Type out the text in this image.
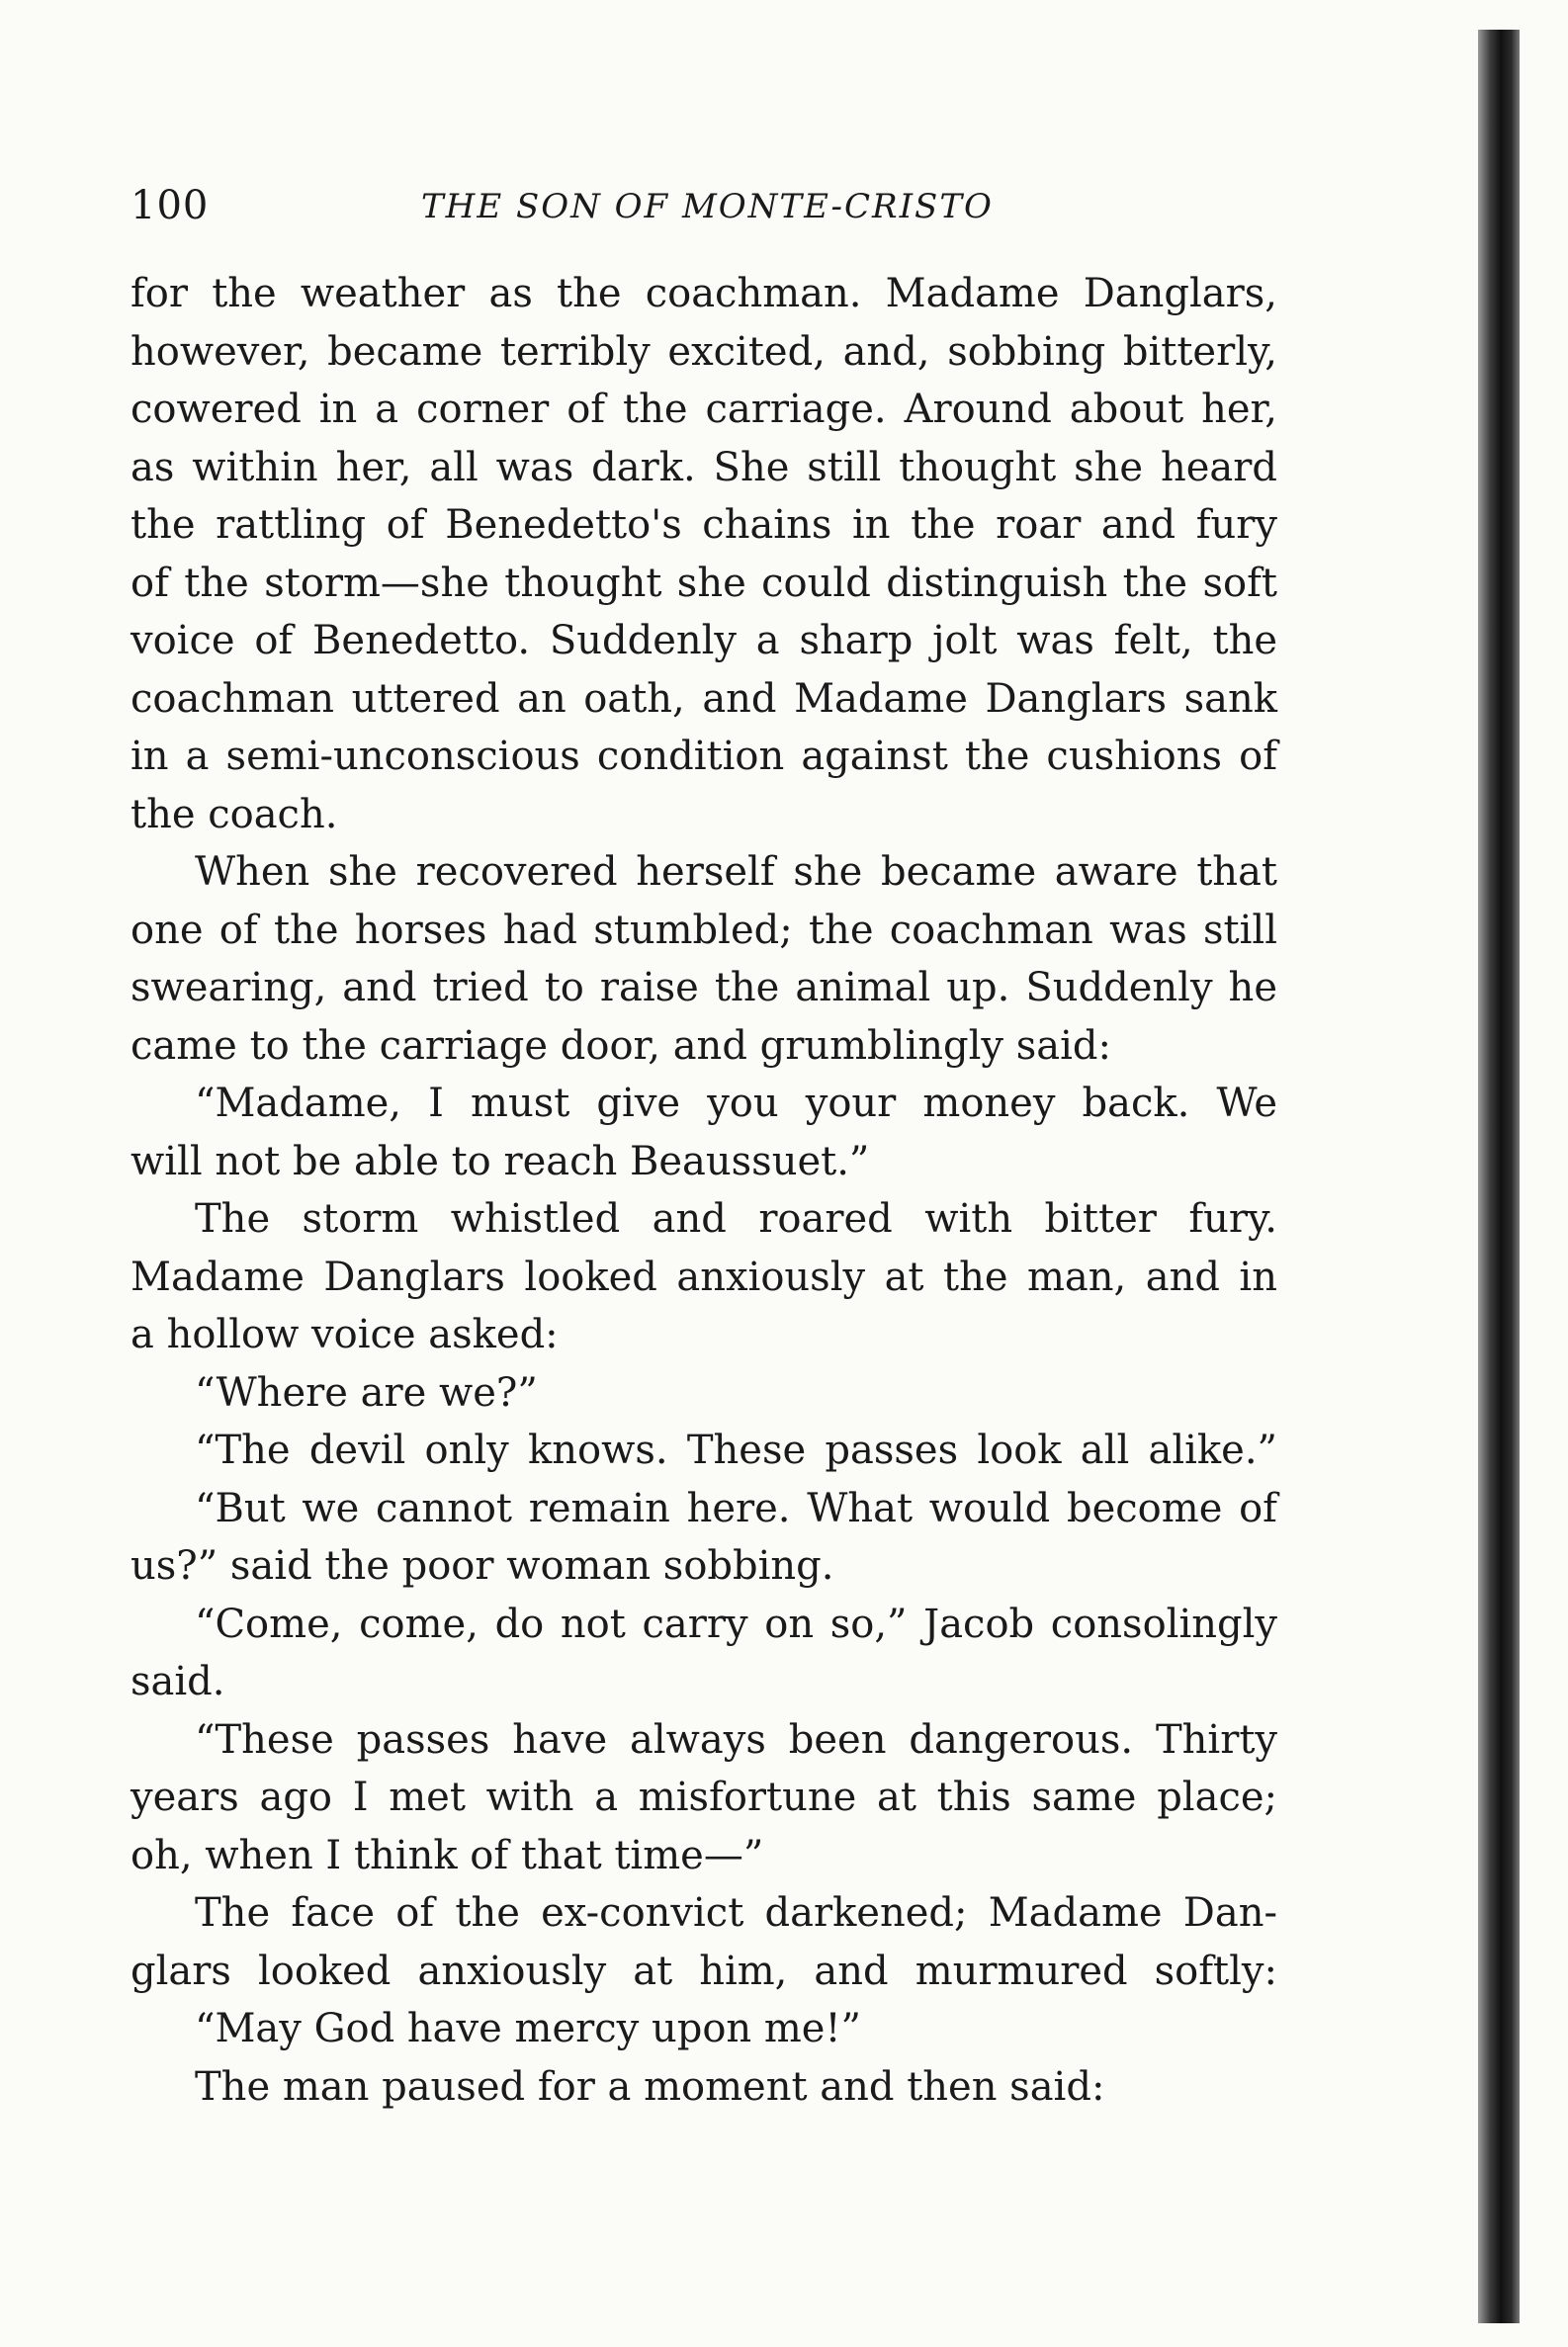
100	THE SON OF MONTE-CRISTO
for the weather as the coachman. Madame Danglars,
however, became terribly excited, and, sobbing bitterly,
cowered in a corner of the carriage. Around about her,
as within her, all was dark. She still thought she heard
the rattling of Benedetto's chains in the roar and fury
of the storm—she thought she could distinguish the soft
voice of Benedetto. Suddenly a sharp jolt was felt, the
coachman uttered an oath, and Madame Danglars sank
in a semi-unconscious condition against the cushions of
the coach.
When she recovered herself she became aware that
one of the horses had stumbled; the coachman was still
swearing, and tried to raise the animal up. Suddenly he
came to the carriage door, and grumblingly said:
“Madame, I must give you your money back. We
will not be able to reach Beaussuet.”
The storm whistled and roared with bitter fury.
Madame Danglars looked anxiously at the man, and in
a hollow voice asked:
“Where are we?”
“The devil only knows. These passes look all alike.”
“But we cannot remain here. What would become of
us?” said the poor woman sobbing.
“Come, come, do not carry on so,” Jacob consolingly
said.
“These passes have always been dangerous. Thirty
years ago I met with a misfortune at this same place;
oh, when I think of that time—”
The face of the ex-convict darkened; Madame Dan-
glars looked anxiously at him, and murmured softly:
“May God have mercy upon me!”
The man paused for a moment and then said:
